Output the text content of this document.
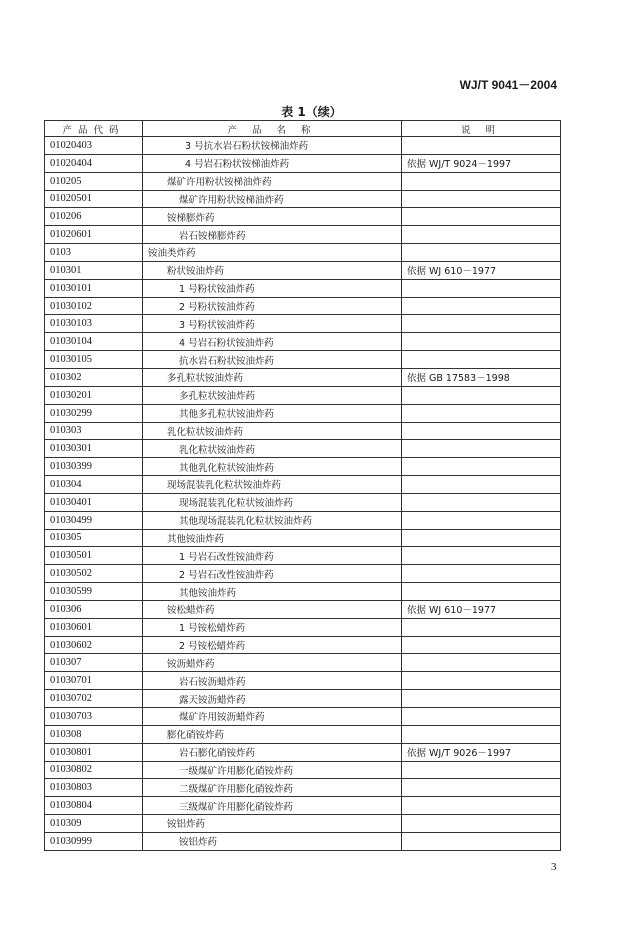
WJ/T 9041－2004
表 1（续）
产品代码	产 品 名 称	说 明
01020403	3 号抗水岩石粉状铵梯油炸药	
01020404	4 号岩石粉状铵梯油炸药	依据 WJ/T 9024－1997
010205	煤矿许用粉状铵梯油炸药	
01020501	煤矿许用粉状铵梯油炸药	
010206	铵梯膨炸药	
01020601	岩石铵梯膨炸药	
0103	铵油类炸药	
010301	粉状铵油炸药	依据 WJ 610－1977
01030101	1 号粉状铵油炸药	
01030102	2 号粉状铵油炸药	
01030103	3 号粉状铵油炸药	
01030104	4 号岩石粉状铵油炸药	
01030105	抗水岩石粉状铵油炸药	
010302	多孔粒状铵油炸药	依据 GB 17583－1998
01030201	多孔粒状铵油炸药	
01030299	其他多孔粒状铵油炸药	
010303	乳化粒状铵油炸药	
01030301	乳化粒状铵油炸药	
01030399	其他乳化粒状铵油炸药	
010304	现场混装乳化粒状铵油炸药	
01030401	现场混装乳化粒状铵油炸药	
01030499	其他现场混装乳化粒状铵油炸药	
010305	其他铵油炸药	
01030501	1 号岩石改性铵油炸药	
01030502	2 号岩石改性铵油炸药	
01030599	其他铵油炸药	
010306	铵松蜡炸药	依据 WJ 610－1977
01030601	1 号铵松蜡炸药	
01030602	2 号铵松蜡炸药	
010307	铵沥蜡炸药	
01030701	岩石铵沥蜡炸药	
01030702	露天铵沥蜡炸药	
01030703	煤矿许用铵沥蜡炸药	
010308	膨化硝铵炸药	
01030801	岩石膨化硝铵炸药	依据 WJ/T 9026－1997
01030802	一级煤矿许用膨化硝铵炸药	
01030803	二级煤矿许用膨化硝铵炸药	
01030804	三级煤矿许用膨化硝铵炸药	
010309	铵铝炸药	
01030999	铵铝炸药	
3
